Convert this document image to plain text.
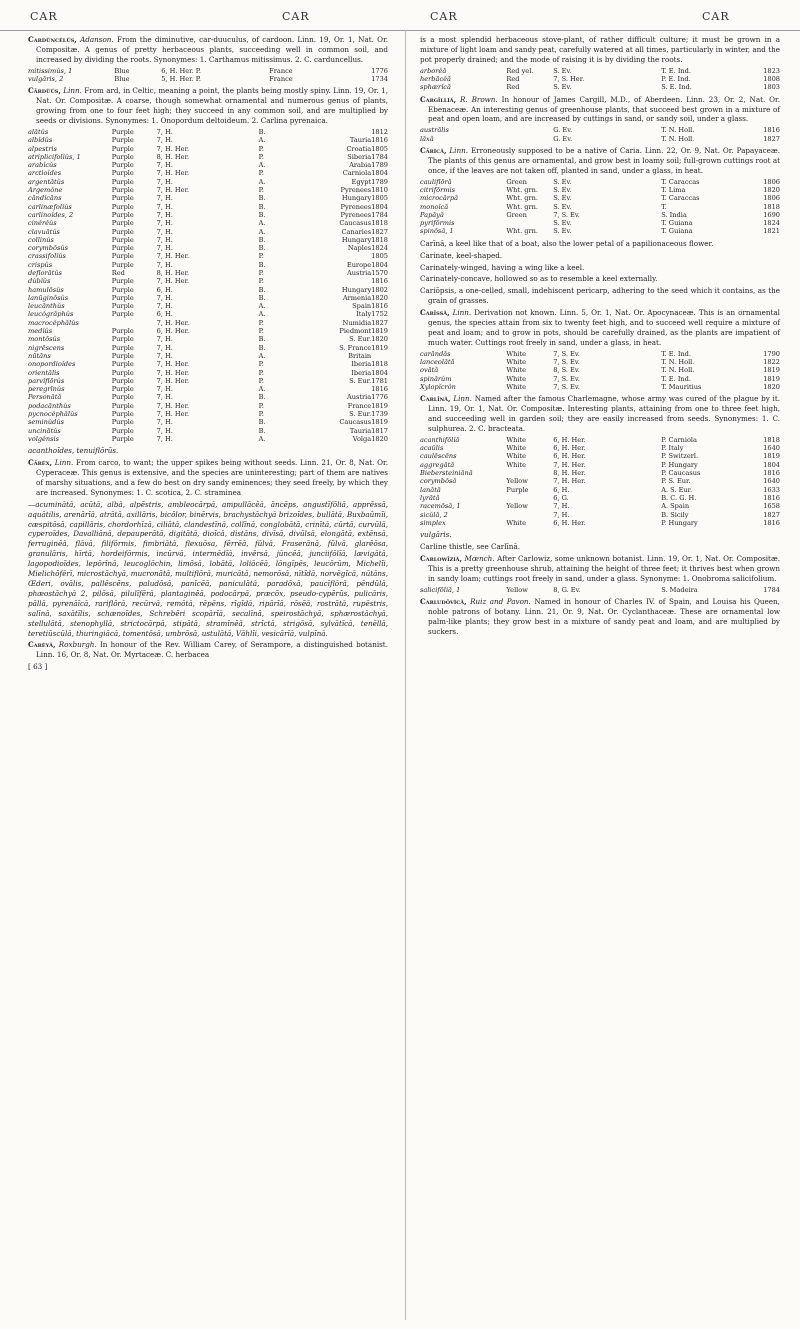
CAR	CAR	CAR	CAR

Cardŭncĕlŭs, Adanson. From the diminutive, car-duuculus, of cardoon. Linn. 19, Or. 1, Nat. Or. Compositæ. A genus of pretty herbaceous plants, succeeding well in common soil, and increased by dividing the roots. Synonymes: 1. Carthamus mitissimus. 2. C. carduncellus.

mitissimŭs, 1	Blue	6, H. Her. P.	France	1776
vulgāris, 2	Blue	5, H. Her. P.	France	1734

Cārdŭŭs, Linn. From ard, in Celtic, meaning a point, the plants being mostly spiny. Linn. 19, Or. 1, Nat. Or. Compositæ. A coarse, though somewhat ornamental and numerous genus of plants, growing from one to four feet high; they succeed in any common soil, and are multiplied by seeds or divisions. Synonymes: 1. Onopordum deltoideum. 2. Carlina pyrenaica.

alātŭs	Purple	7, H.	B.		1812
albĭdŭs	Purple	7, H.	A.	Tauria	1816
alpestris	Purple	7, H. Her.	P.	Croatia	1805
atriplicifolĭŭs, 1	Purple	8, H. Her.	P.	Siberia	1784
arabĭcŭs	Purple	7, H.	A.	Arabia	1789
arctioĭdes	Purple	7, H. Her.	P.	Carniola	1804
argentātŭs	Purple	7, H.	A.	Egypt	1789
Argemŏne	Purple	7, H. Her.	P.	Pyrenees	1810
cāndĭcāns	Purple	7, H.	B.	Hungary	1805
carlinæfolĭŭs	Purple	7, H.	B.	Pyrenees	1804
carlinoĭdes, 2	Purple	7, H.	B.	Pyrenees	1784
cinĕrĕŭs	Purple	7, H.	A.	Caucasus	1818
clavuātŭs	Purple	7, H.	A.	Canaries	1827
collinŭs	Purple	7, H.	B.	Hungary	1818
corymbōsŭs	Purple	7, H.	B.	Naples	1824
crassifolĭŭs	Purple	7, H. Her.	P.		1805
crispŭs	Purple	7, H.	B.	Europe	1804
deflorātŭs	Red	8, H. Her.	P.	Austria	1570
dŭbĭŭs	Purple	7, H. Her.	P.		1816
hamulōsŭs	Purple	6, H.	B.	Hungary	1802
lanūginōsŭs	Purple	7, H.	B.	Armenia	1820
leucānthŭs	Purple	7, H.	A.	Spain	1816
leucŏgrăphŭs	Purple	6, H.	A.	Italy	1752
macrocĕphălŭs		7, H. Her.	P.	Numidia	1827
medĭŭs	Purple	6, H. Her.	P.	Piedmont	1819
montōsŭs	Purple	7, H.	B.	S. Eur.	1820
nigrēscens	Purple	7, H.	B.	S. France	1819
nūtāns	Purple	7, H.	A.	Britain	
onopordioĭdes	Purple	7, H. Her.	P.	Iberia	1818
orientālis	Purple	7, H. Her.	P.	Iberia	1804
parvĭflōrŭs	Purple	7, H. Her.	P.	S. Eur.	1781
peregrīnŭs	Purple	7, H.	A.		1816
Personātă	Purple	7, H.	B.	Austria	1776
podacānthŭs	Purple	7, H. Her.	P.	France	1819
pycnocĕphălŭs	Purple	7, H. Her.	P.	S. Eur.	1739
seminŭdŭs	Purple	7, H.	B.	Caucasus	1819
uncinātŭs	Purple	7, H.	B.	Tauria	1817
volgĕnsis	Purple	7, H.	A.	Volga	1820

acanthoĭdes, tenuiflōrŭs.

Cārĕx, Linn. From carco, to want; the upper spikes being without seeds. Linn. 21, Or. 8, Nat. Or. Cyperaceæ. This genus is extensive, and the species are uninteresting; part of them are natives of marshy situations, and a few do best on dry sandy eminences; they seed freely, by which they are increased. Synonymes: 1. C. scotica, 2. C. straminea

—acuminātă, acūtă, albă, alpĕstris, ambleocārpă, ampullācĕă, āncĕps, angustĭfŏliă, apprĕssă, aquātilis, arenārĭă, atrātă, axillāris, bicŏlor, binĕrvis, brachystāchyă brizoĭdes, bullātă, Buxbaŭmĭi, cæspitōsă, capillāris, chordorhīză, ciliātă, clandestīnă, collīnă, conglobātă, crinītă, cūrtă, curvūlă, cyperoĭdes, Davalliānă, depauperātă, digitātă, dioĭcă, distāns, divīsă, divūlsă, elongātă, extēnsă, ferruginĕă, flāvă, filifōrmis, fimbriātă, flexuōsa, fērrĕă, fūlvă, Fraserānă, fŭlvă, glarĕōsa, granulāris, hīrtă, hordeifōrmis, incūrvă, intermĕdĭă, invērsă, jūncĕă, junciifōlĭă, lævigātă, lagopodioĭdes, lepōrīnă, leucoglōchin, limōsă, lobātă, loliācĕă, lōngĭpēs, leucōrūm, Michelĭi, Mielichŏfērī, microstāchyă, mucronātă, multiflōră, muricātă, nemorōsă, nītĭdă, norvēgĭcă, nūtāns, Œderi, ovālis, pallĕscĕns, paludōsă, panĭcĕă, paniculātă, paradŏxă, paucĭflōră, pēndŭlă, phæostāchyă 2, pilōsă, pilulĭfĕră, plantaginĕă, podocārpă, præcŏx, pseudo-cypĕrŭs, pulicāris, pāllă, pyrenāĭcă, rariflōră, recūrvă, remōtă, rēpĕns, rīgĭdă, ripārĭă, rōsĕă, rostrātă, rupĕstris, salīnă, saxātĭlis, schænoĭdes, Schrebĕri scopārĭă, secalīnă, speirostāchyă, sphærostāchyă, stellulātă, stenophyllă, strictocārpă, stipātă, stramīnĕă, strĭctă, strigōsă, sylvātĭcă, tenēllă, teretiŭscūlă, thuringiăcă, tomentōsă, umbrōsă, ustulātă, Vāhlĭi, vesicārĭă, vulpīnă.

Carĕyă, Roxburgh. In honour of the Rev. William Carey, of Serampore, a distinguished botanist. Linn. 16, Or. 8, Nat. Or. Myrtaceæ. C. herbacea

[ 63 ]

is a most splendid herbaceous stove-plant, of rather difficult culture; it must be grown in a mixture of light loam and sandy peat, carefully watered at all times, particularly in winter, and the pot properly drained; and the mode of raising it is by dividing the roots.

arborĕă	Red yel.	S. Ev.	T. E. Ind.	1823
herbācĕă	Red	7, S. Her.	P. E. Ind.	1808
sphærĭcă	Red	S. Ev.	S. E. Ind.	1803

Cargīllĭă, R. Brown. In honour of James Cargill, M.D., of Aberdeen. Linn. 23, Or. 2, Nat. Or. Ebenaceæ. An interesting genus of greenhouse plants, that succeed best grown in a mixture of peat and open loam, and are increased by cuttings in sand, or sandy soil, under a glass.

austrālis		G. Ev.	T. N. Holl.	1816
lāxă		G. Ev.	T. N. Holl.	1827

Cārĭcă, Linn. Erroneously supposed to be a native of Caria. Linn. 22, Or. 9, Nat. Or. Papayaceæ. The plants of this genus are ornamental, and grow best in loamy soil; full-grown cuttings root at once, if the leaves are not taken off, planted in sand, under a glass, in heat.

cauliflōră	Green	S. Ev.	T. Caraccas	1806
citrifōrmis	Wht. grn.	S. Ev.	T. Lima	1820
microcārpă	Wht. grn.	S. Ev.	T. Caraccas	1806
monoĭcă	Wht. grn.	S. Ev.	T.	1818
Papāyă	Green	7, S. Ev.	S. India	1690
pyrifōrmis		S. Ev.	T. Guiana	1824
spinōsă, 1	Wht. grn.	S. Ev.	T. Guiana	1821

Carīnă, a keel like that of a boat, also the lower petal of a papilionaceous flower.

Carinate, keel-shaped.

Carinately-winged, having a wing like a keel.

Carinately-concave, hollowed so as to resemble a keel externally.

Cariŏpsis, a one-celled, small, indehiscent pericarp, adhering to the seed which it contains, as the grain of grasses.

Carīssă, Linn. Derivation not known. Linn. 5, Or. 1, Nat. Or. Apocynaceæ. This is an ornamental genus, the species attain from six to twenty feet high, and to succeed well require a mixture of peat and loam; and to grow in pots, should be carefully drained, as the plants are impatient of much water. Cuttings root freely in sand, under a glass, in heat.

carāndăs	White	7, S. Ev.	T. E. Ind.	1790
lanceolātă	White	7, S. Ev.	T. N. Holl.	1822
ovātă	White	8, S. Ev.	T. N. Holl.	1819
spinārŭm	White	7, S. Ev.	T. E. Ind.	1819
Xylopĭcrŏn	White	7, S. Ev.	T. Mauritius	1820

Carlīnă, Linn. Named after the famous Charlemagne, whose army was cured of the plague by it. Linn. 19, Or. 1, Nat. Or. Compositæ. Interesting plants, attaining from one to three feet high, and succeeding well in garden soil; they are easily increased from seeds. Synonymes: 1. C. sulphurea. 2. C. bracteata.

acanthifōlĭă	White	6, H. Her.	P. Carniola	1818
acaūlis	White	6, H. Her.	P. Italy	1640
caulēscēns	White	6, H. Her.	P. Switzerl.	1819
aggregātă	White	7, H. Her.	P. Hungary	1804
Biebersteiniānă		8, H. Her.	P. Caucasus	1816
corymbōsă	Yellow	7, H. Her.	P. S. Eur.	1640
lanātă	Purple	6, H.	A. S. Eur.	1633
lyrātă		6, G.	B. C. G. H.	1816
racemōsă, 1	Yellow	7, H.	A. Spain	1658
sicŭlă, 2		7, H.	B. Sicily	1827
simplex	White	6, H. Her.	P. Hungary	1816

vulgāris.

Carline thistle, see Carlīnă.

Carlowīziă, Mœnch. After Carlowiz, some unknown botanist. Linn. 19, Or. 1, Nat. Or. Compositæ. This is a pretty greenhouse shrub, attaining the height of three feet; it thrives best when grown in sandy loam; cuttings root freely in sand, under a glass. Synonyme: 1. Onobroma salicifolium.

salicifōlĭă, 1	Yellow	8, G. Ev.	S. Madeira	1784

Carludōvĭcă, Ruiz and Pavon. Named in honour of Charles IV. of Spain, and Louisa his Queen, noble patrons of botany. Linn. 21, Or. 9, Nat. Or. Cyclanthaceæ. These are ornamental low palm-like plants; they grow best in a mixture of sandy peat and loam, and are multiplied by suckers.
